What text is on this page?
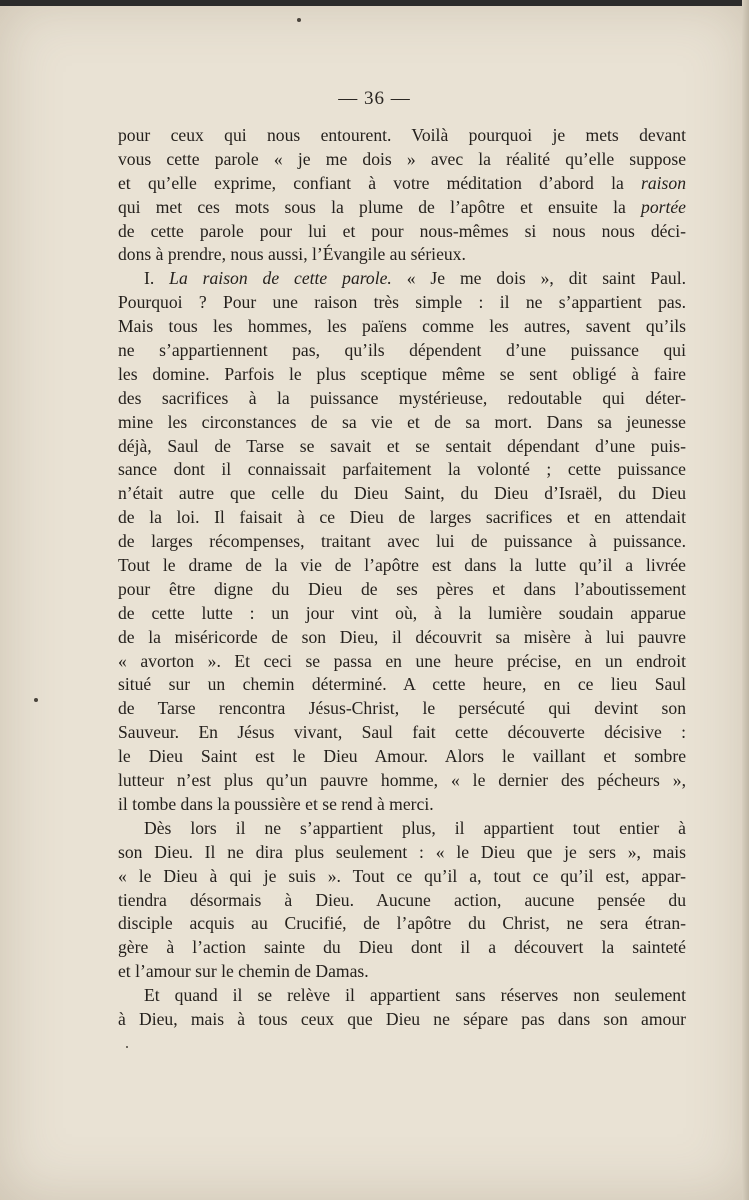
— 36 —
pour ceux qui nous entourent. Voilà pourquoi je mets devant
vous cette parole « je me dois » avec la réalité qu’elle suppose
et qu’elle exprime, confiant à votre méditation d’abord la raison
qui met ces mots sous la plume de l’apôtre et ensuite la portée
de cette parole pour lui et pour nous-mêmes si nous nous déci-
dons à prendre, nous aussi, l’Évangile au sérieux.
I. La raison de cette parole. « Je me dois », dit saint Paul.
Pourquoi ? Pour une raison très simple : il ne s’appartient pas.
Mais tous les hommes, les païens comme les autres, savent qu’ils
ne s’appartiennent pas, qu’ils dépendent d’une puissance qui
les domine. Parfois le plus sceptique même se sent obligé à faire
des sacrifices à la puissance mystérieuse, redoutable qui déter-
mine les circonstances de sa vie et de sa mort. Dans sa jeunesse
déjà, Saul de Tarse se savait et se sentait dépendant d’une puis-
sance dont il connaissait parfaitement la volonté ; cette puissance
n’était autre que celle du Dieu Saint, du Dieu d’Israël, du Dieu
de la loi. Il faisait à ce Dieu de larges sacrifices et en attendait
de larges récompenses, traitant avec lui de puissance à puissance.
Tout le drame de la vie de l’apôtre est dans la lutte qu’il a livrée
pour être digne du Dieu de ses pères et dans l’aboutissement
de cette lutte : un jour vint où, à la lumière soudain apparue
de la miséricorde de son Dieu, il découvrit sa misère à lui pauvre
« avorton ». Et ceci se passa en une heure précise, en un endroit
situé sur un chemin déterminé. A cette heure, en ce lieu Saul
de Tarse rencontra Jésus-Christ, le persécuté qui devint son
Sauveur. En Jésus vivant, Saul fait cette découverte décisive :
le Dieu Saint est le Dieu Amour. Alors le vaillant et sombre
lutteur n’est plus qu’un pauvre homme, « le dernier des pécheurs »,
il tombe dans la poussière et se rend à merci.
Dès lors il ne s’appartient plus, il appartient tout entier à
son Dieu. Il ne dira plus seulement : « le Dieu que je sers », mais
« le Dieu à qui je suis ». Tout ce qu’il a, tout ce qu’il est, appar-
tiendra désormais à Dieu. Aucune action, aucune pensée du
disciple acquis au Crucifié, de l’apôtre du Christ, ne sera étran-
gère à l’action sainte du Dieu dont il a découvert la sainteté
et l’amour sur le chemin de Damas.
Et quand il se relève il appartient sans réserves non seulement
à Dieu, mais à tous ceux que Dieu ne sépare pas dans son amour
